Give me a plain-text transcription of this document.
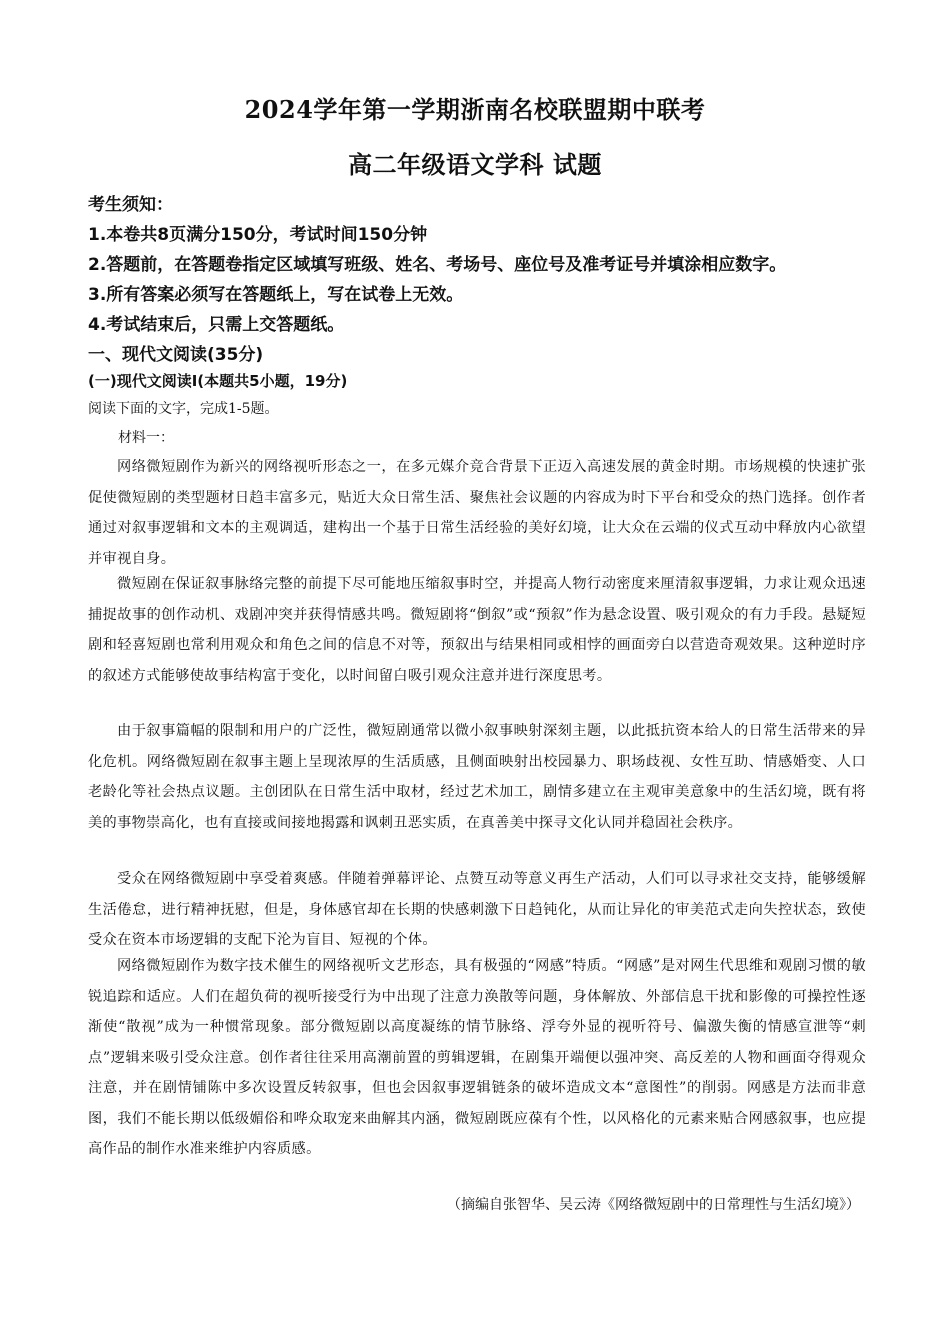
2024学年第一学期浙南名校联盟期中联考
高二年级语文学科 试题
考生须知：
1.本卷共8页满分150分，考试时间150分钟
2.答题前，在答题卷指定区域填写班级、姓名、考场号、座位号及准考证号并填涂相应数字。
3.所有答案必须写在答题纸上，写在试卷上无效。
4.考试结束后，只需上交答题纸。
一、现代文阅读(35分)
(一)现代文阅读Ⅰ(本题共5小题，19分)
阅读下面的文字，完成1-5题。
材料一：
网络微短剧作为新兴的网络视听形态之一，在多元媒介竞合背景下正迈入高速发展的黄金时期。市场规模的快速扩张促使微短剧的类型题材日趋丰富多元，贴近大众日常生活、聚焦社会议题的内容成为时下平台和受众的热门选择。创作者通过对叙事逻辑和文本的主观调适，建构出一个基于日常生活经验的美好幻境，让大众在云端的仪式互动中释放内心欲望并审视自身。
微短剧在保证叙事脉络完整的前提下尽可能地压缩叙事时空，并提高人物行动密度来厘清叙事逻辑，力求让观众迅速捕捉故事的创作动机、戏剧冲突并获得情感共鸣。微短剧将“倒叙”或“预叙”作为悬念设置、吸引观众的有力手段。悬疑短剧和轻喜短剧也常利用观众和角色之间的信息不对等，预叙出与结果相同或相悖的画面旁白以营造奇观效果。这种逆时序的叙述方式能够使故事结构富于变化，以时间留白吸引观众注意并进行深度思考。
由于叙事篇幅的限制和用户的广泛性，微短剧通常以微小叙事映射深刻主题，以此抵抗资本给人的日常生活带来的异化危机。网络微短剧在叙事主题上呈现浓厚的生活质感，且侧面映射出校园暴力、职场歧视、女性互助、情感婚变、人口老龄化等社会热点议题。主创团队在日常生活中取材，经过艺术加工，剧情多建立在主观审美意象中的生活幻境，既有将美的事物崇高化，也有直接或间接地揭露和讽刺丑恶实质，在真善美中探寻文化认同并稳固社会秩序。
受众在网络微短剧中享受着爽感。伴随着弹幕评论、点赞互动等意义再生产活动，人们可以寻求社交支持，能够缓解生活倦怠，进行精神抚慰，但是，身体感官却在长期的快感刺激下日趋钝化，从而让异化的审美范式走向失控状态，致使受众在资本市场逻辑的支配下沦为盲目、短视的个体。
网络微短剧作为数字技术催生的网络视听文艺形态，具有极强的“网感”特质。“网感”是对网生代思维和观剧习惯的敏锐追踪和适应。人们在超负荷的视听接受行为中出现了注意力涣散等问题，身体解放、外部信息干扰和影像的可操控性逐渐使“散视”成为一种惯常现象。部分微短剧以高度凝练的情节脉络、浮夸外显的视听符号、偏激失衡的情感宣泄等“刺点”逻辑来吸引受众注意。创作者往往采用高潮前置的剪辑逻辑，在剧集开端便以强冲突、高反差的人物和画面夺得观众注意，并在剧情铺陈中多次设置反转叙事，但也会因叙事逻辑链条的破坏造成文本“意图性”的削弱。网感是方法而非意图，我们不能长期以低级媚俗和哗众取宠来曲解其内涵，微短剧既应葆有个性，以风格化的元素来贴合网感叙事，也应提高作品的制作水准来维护内容质感。
（摘编自张智华、吴云涛《网络微短剧中的日常理性与生活幻境》）
